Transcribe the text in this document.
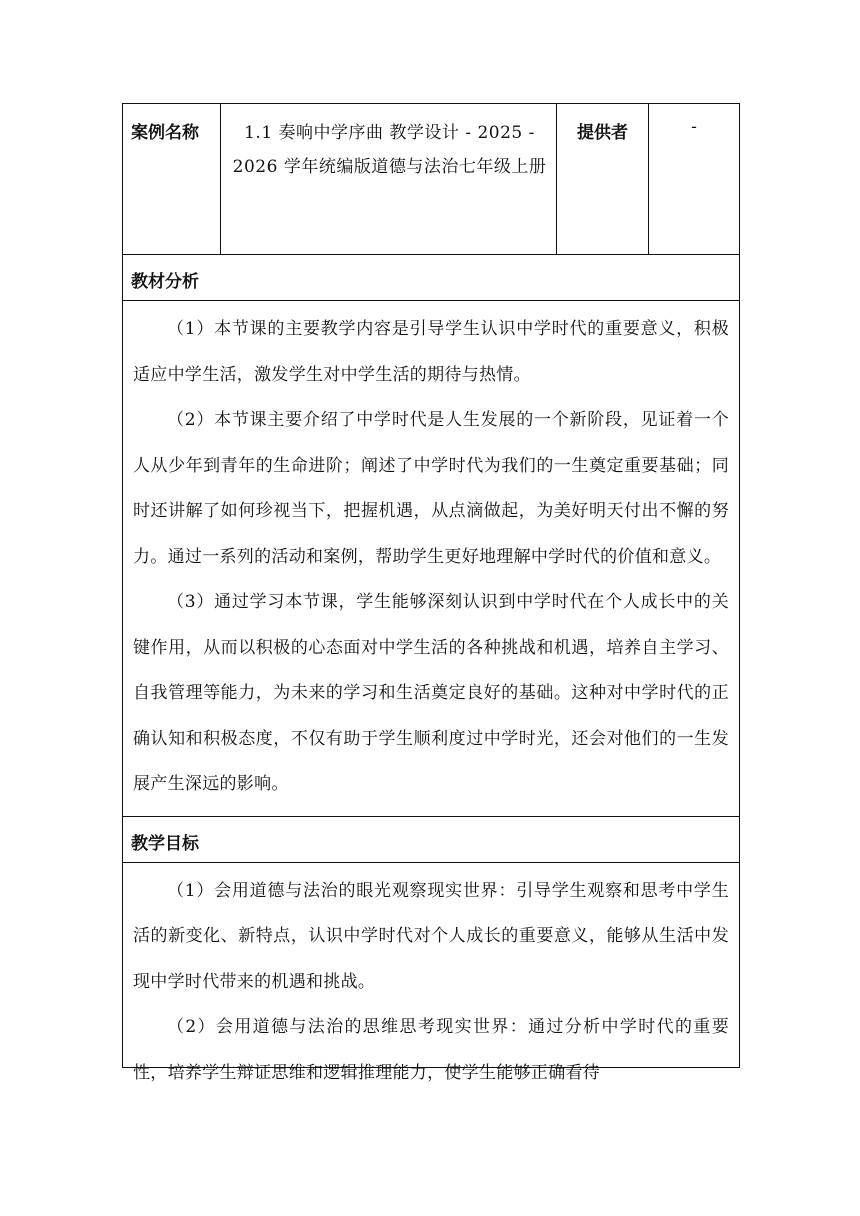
案例名称	1.1 奏响中学序曲 教学设计 - 2025 - 2026 学年统编版道德与法治七年级上册	提供者	-
教材分析

（1）本节课的主要教学内容是引导学生认识中学时代的重要意义，积极适应中学生活，激发学生对中学生活的期待与热情。

（2）本节课主要介绍了中学时代是人生发展的一个新阶段，见证着一个人从少年到青年的生命进阶；阐述了中学时代为我们的一生奠定重要基础；同时还讲解了如何珍视当下，把握机遇，从点滴做起，为美好明天付出不懈的努力。通过一系列的活动和案例，帮助学生更好地理解中学时代的价值和意义。

（3）通过学习本节课，学生能够深刻认识到中学时代在个人成长中的关键作用，从而以积极的心态面对中学生活的各种挑战和机遇，培养自主学习、自我管理等能力，为未来的学习和生活奠定良好的基础。这种对中学时代的正确认知和积极态度，不仅有助于学生顺利度过中学时光，还会对他们的一生发展产生深远的影响。

教学目标

（1）会用道德与法治的眼光观察现实世界：引导学生观察和思考中学生活的新变化、新特点，认识中学时代对个人成长的重要意义，能够从生活中发现中学时代带来的机遇和挑战。

（2）会用道德与法治的思维思考现实世界：通过分析中学时代的重要性，培养学生辩证思维和逻辑推理能力，使学生能够正确看待
